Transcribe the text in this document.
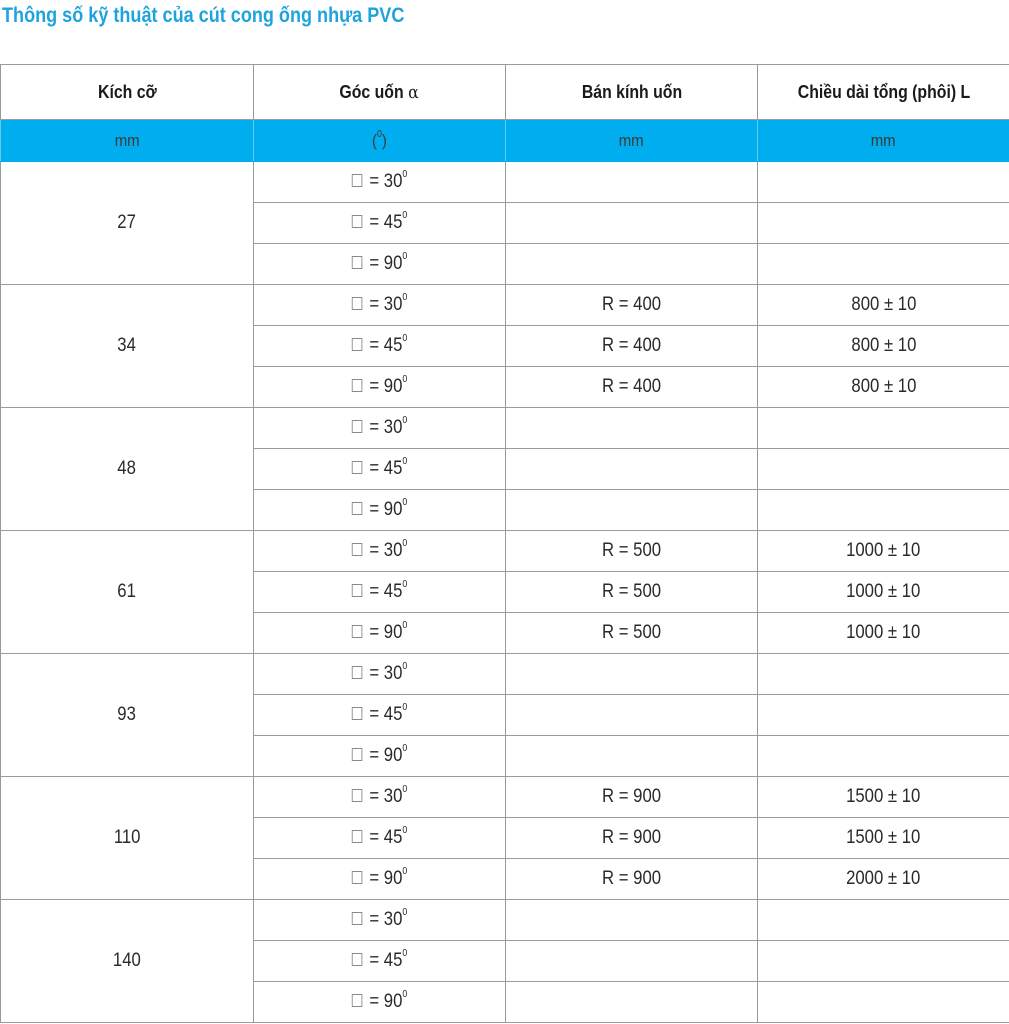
Thông số kỹ thuật của cút cong ống nhựa PVC
Kích cỡ	Góc uốn α	Bán kính uốn	Chiều dài tổng (phôi) L
mm	($^0$)	mm	mm
27	= $30^0$		
	= $45^0$		
	= $90^0$		
34	= $30^0$	R = 400	800 ± 10
	= $45^0$	R = 400	800 ± 10
	= $90^0$	R = 400	800 ± 10
48	= $30^0$		
	= $45^0$		
	= $90^0$		
61	= $30^0$	R = 500	1000 ± 10
	= $45^0$	R = 500	1000 ± 10
	= $90^0$	R = 500	1000 ± 10
93	= $30^0$		
	= $45^0$		
	= $90^0$		
110	= $30^0$	R = 900	1500 ± 10
	= $45^0$	R = 900	1500 ± 10
	= $90^0$	R = 900	2000 ± 10
140	= $30^0$		
	= $45^0$		
	= $90^0$		
